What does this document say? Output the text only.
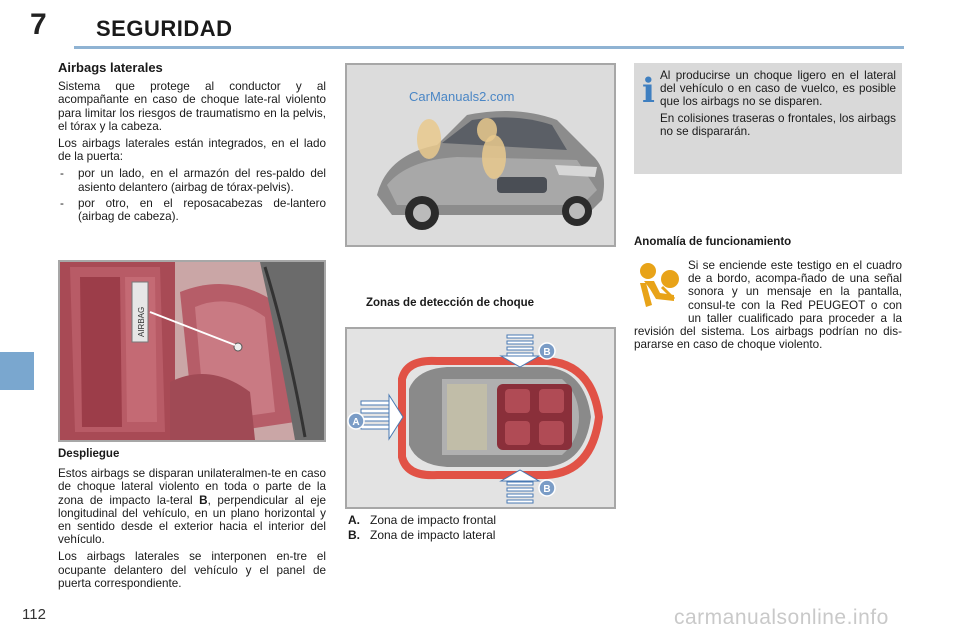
7 SEGURIDAD
112
Airbags laterales

Sistema que protege al conductor y al acompañante en caso de choque late-ral violento para limitar los riesgos de traumatismo en la pelvis, el tórax y la cabeza.

Los airbags laterales están integrados, en el lado de la puerta:

- por un lado, en el armazón del res-paldo del asiento delantero (airbag de tórax-pelvis).
- por otro, en el reposacabezas de-lantero (airbag de cabeza).
AIRBAG
Despliegue

Estos airbags se disparan unilateralmen-te en caso de choque lateral violento en toda o parte de la zona de impacto la-teral B, perpendicular al eje longitudinal del vehículo, en un plano horizontal y en sentido desde el exterior hacia el interior del vehículo.

Los airbags laterales se interponen en-tre el ocupante delantero del vehículo y el panel de puerta correspondiente.

CarManuals2.com
Zonas de detección de choque
A
B
B
A. Zona de impacto frontal
B. Zona de impacto lateral
i Al producirse un choque ligero en el lateral del vehículo o en caso de vuelco, es posible que los airbags no se disparen.

En colisiones traseras o frontales, los airbags no se dispararán.

Anomalía de funcionamiento
Si se enciende este testigo en el cuadro de a bordo, acompa-ñado de una señal sonora y un mensaje en la pantalla, consul-te con la Red PEUGEOT o con un taller cualificado para proceder a la revisión del sistema. Los airbags podrían no dis-pararse en caso de choque violento.
carmanualsonline.info
